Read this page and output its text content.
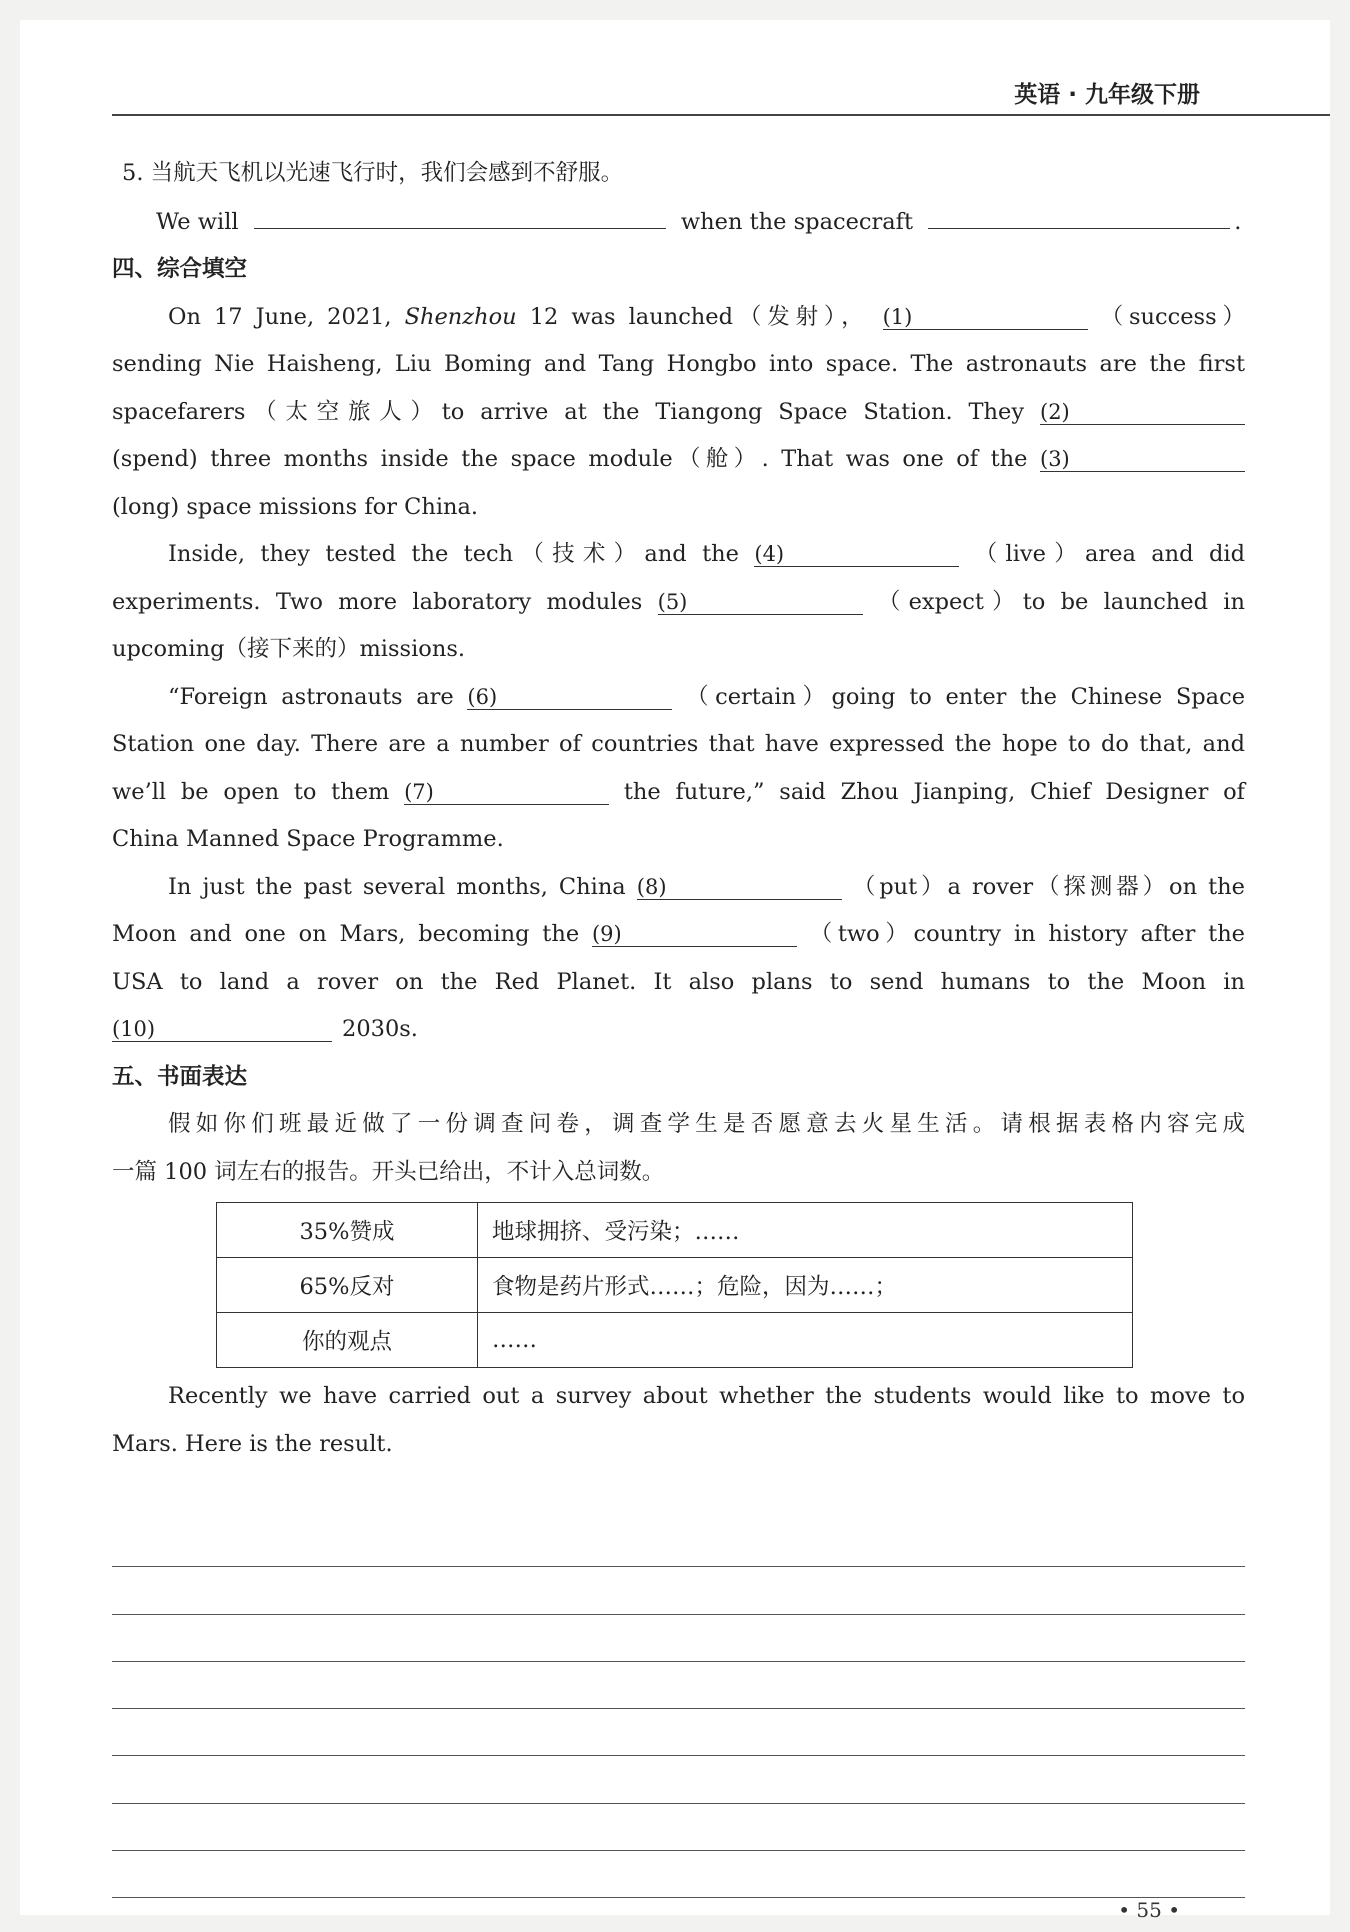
英语 · 九年级下册
5. 当航天飞机以光速飞行时，我们会感到不舒服。
We will	when the spacecraft	.
四、综合填空
On 17 June, 2021, Shenzhou 12 was launched（发射）， (1)	（success）
sending Nie Haisheng, Liu Boming and Tang Hongbo into space. The astronauts are the first
spacefarers（太空旅人）to arrive at the Tiangong Space Station. They (2)
(spend) three months inside the space module（舱）. That was one of the (3)
(long) space missions for China.
Inside, they tested the tech（技术）and the (4)	（live）area and did
experiments. Two more laboratory modules (5)	（expect）to be launched in
upcoming（接下来的）missions.
“Foreign astronauts are (6)	（certain）going to enter the Chinese Space
Station one day. There are a number of countries that have expressed the hope to do that, and
we’ll be open to them (7)	the future,” said Zhou Jianping, Chief Designer of
China Manned Space Programme.
In just the past several months, China (8)	（put）a rover（探测器）on the
Moon and one on Mars, becoming the (9)	（two）country in history after the
USA to land a rover on the Red Planet. It also plans to send humans to the Moon in
(10)	2030s.
五、书面表达
假如你们班最近做了一份调查问卷，调查学生是否愿意去火星生活。请根据表格内容完成
一篇 100 词左右的报告。开头已给出，不计入总词数。
35%赞成	地球拥挤、受污染；……
65%反对	食物是药片形式……；危险，因为……；
你的观点	……
Recently we have carried out a survey about whether the students would like to move to
Mars. Here is the result.
• 55 •
